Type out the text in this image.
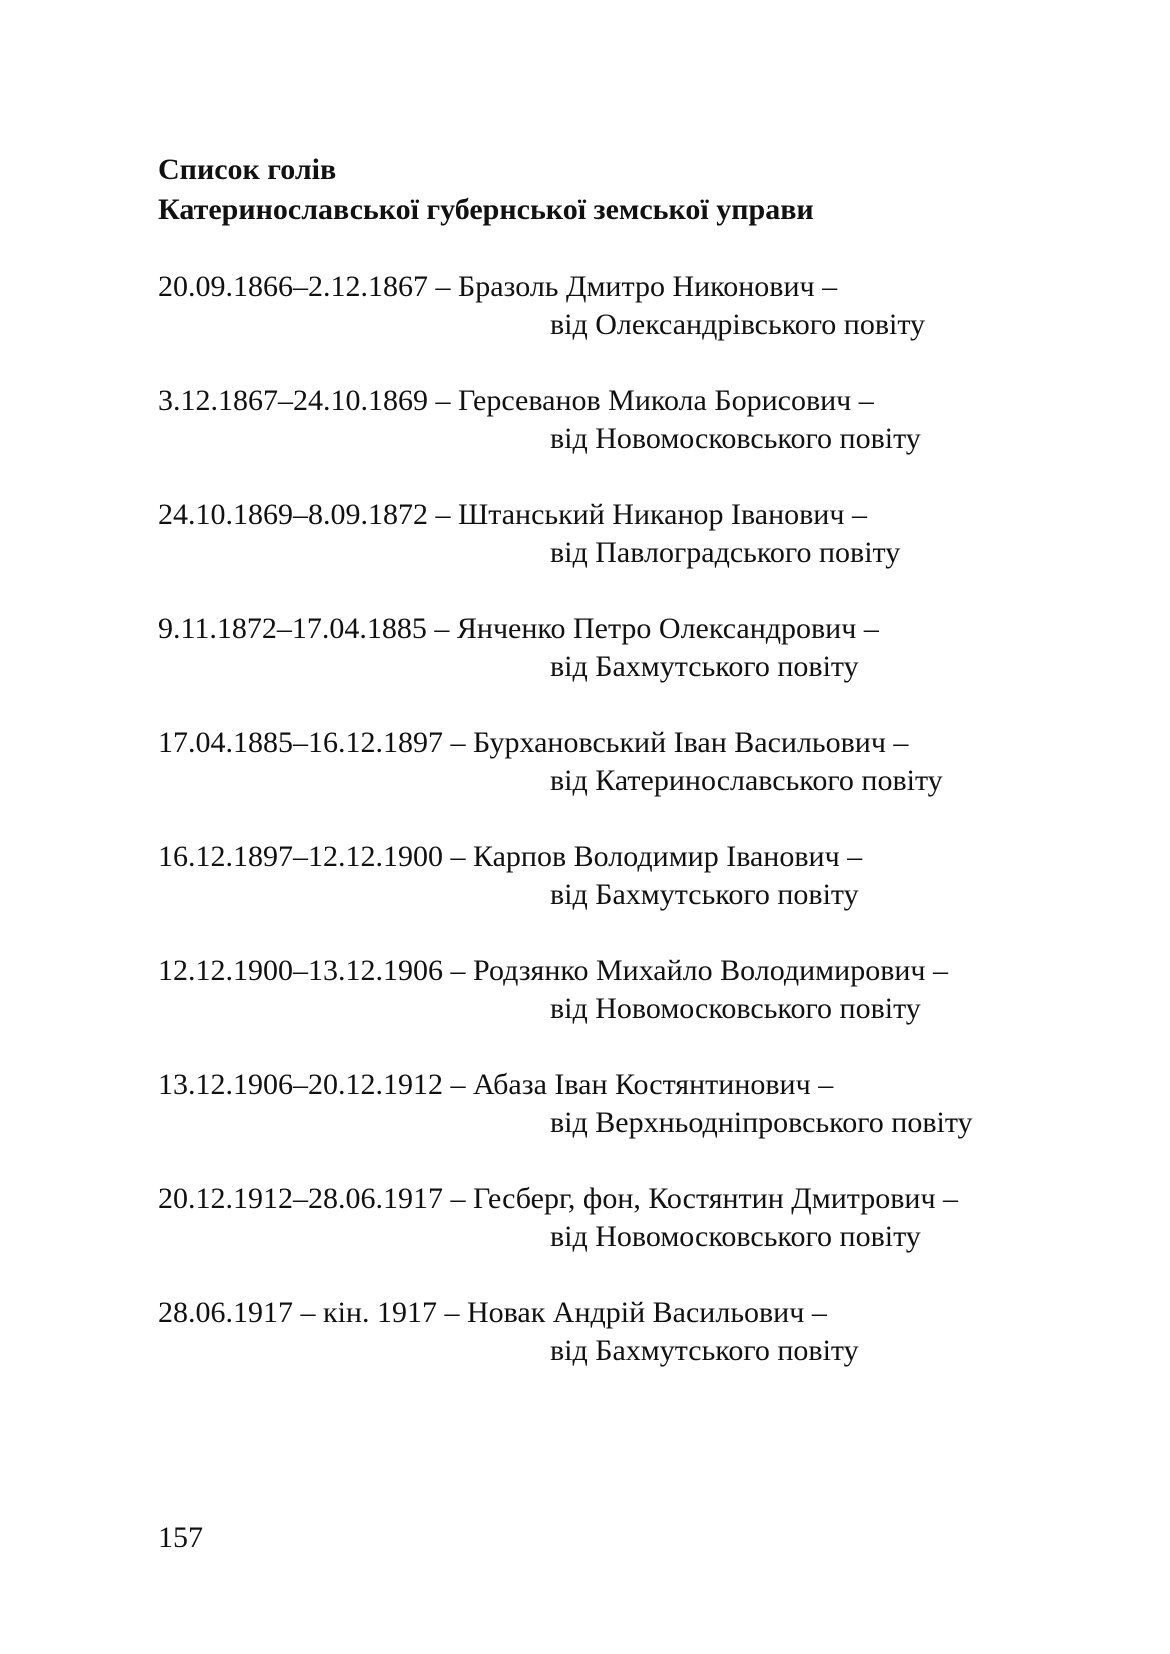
Список голів
Катеринославської губернської земської управи
20.09.1866–2.12.1867 – Бразоль Дмитро Никонович –
від Олександрівського повіту
3.12.1867–24.10.1869 – Герсеванов Микола Борисович –
від Новомосковського повіту
24.10.1869–8.09.1872 – Штанський Никанор Іванович –
від Павлоградського повіту
9.11.1872–17.04.1885 – Янченко Петро Олександрович –
від Бахмутського повіту
17.04.1885–16.12.1897 – Бурхановський Іван Васильович –
від Катеринославського повіту
16.12.1897–12.12.1900 – Карпов Володимир Іванович –
від Бахмутського повіту
12.12.1900–13.12.1906 – Родзянко Михайло Володимирович –
від Новомосковського повіту
13.12.1906–20.12.1912 – Абаза Іван Костянтинович –
від Верхньодніпровського повіту
20.12.1912–28.06.1917 – Гесберг, фон, Костянтин Дмитрович –
від Новомосковського повіту
28.06.1917 – кін. 1917 – Новак Андрій Васильович –
від Бахмутського повіту
157
